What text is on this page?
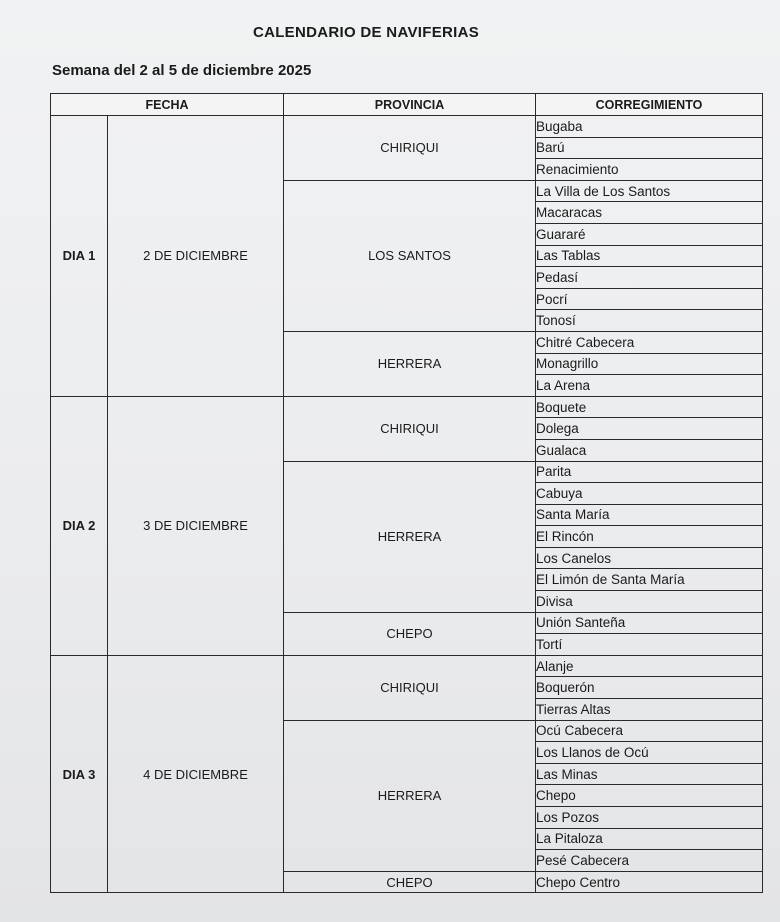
CALENDARIO DE NAVIFERIAS
Semana del 2 al 5 de diciembre 2025
FECHA		PROVINCIA	CORREGIMIENTO
DIA 1	2 DE DICIEMBRE	CHIRIQUI	Bugaba
			Barú
			Renacimiento
		LOS SANTOS	La Villa de Los Santos
			Macaracas
			Guararé
			Las Tablas
			Pedasí
			Pocrí
			Tonosí
		HERRERA	Chitré Cabecera
			Monagrillo
			La Arena
DIA 2	3 DE DICIEMBRE	CHIRIQUI	Boquete
			Dolega
			Gualaca
		HERRERA	Parita
			Cabuya
			Santa María
			El Rincón
			Los Canelos
			El Limón de Santa María
			Divisa
		CHEPO	Unión Santeña
			Tortí
DIA 3	4 DE DICIEMBRE	CHIRIQUI	Alanje
			Boquerón
			Tierras Altas
		HERRERA	Ocú Cabecera
			Los Llanos de Ocú
			Las Minas
			Chepo
			Los Pozos
			La Pitaloza
			Pesé Cabecera
		CHEPO	Chepo Centro
